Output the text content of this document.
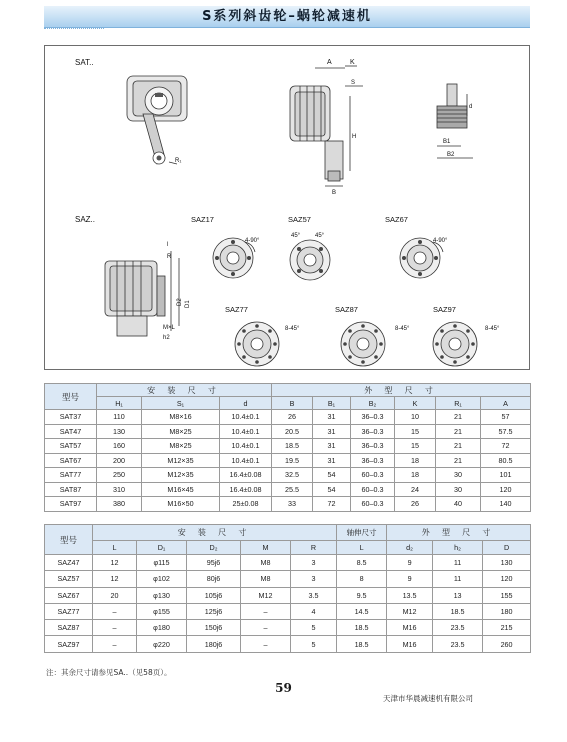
S系列斜齿轮–蜗轮减速机
SAT..
R₁
A	K
S
H
B
d
B1
B2
SAZ..	SAZ17	SAZ57	SAZ67
SAZ77	SAZ87	SAZ97
D2 D1
l
R
M×L
h2
4-90°
45° 45°
4-90°
8-45°	8-45°	8-45°
型号	安 装 尺 寸			外 型 尺 寸					
	H₁	S₁	d	B	B₁	B₂	K	R₁	A
SAT37	110	M8×16	10.4±0.1	26	31	36–0.3	10	21	57
SAT47	130	M8×25	10.4±0.1	20.5	31	36–0.3	15	21	57.5
SAT57	160	M8×25	10.4±0.1	18.5	31	36–0.3	15	21	72
SAT67	200	M12×35	10.4±0.1	19.5	31	36–0.3	18	21	80.5
SAT77	250	M12×35	16.4±0.08	32.5	54	60–0.3	18	30	101
SAT87	310	M16×45	16.4±0.08	25.5	54	60–0.3	24	30	120
SAT97	380	M16×50	25±0.08	33	72	60–0.3	26	40	140
型号	安 装 尺 寸					轴伸尺寸	外 型 尺 寸		
	L	D₁	D₂	M	R	L	d₂	h₂	D
SAZ47	12	φ115	95j6	M8	3	8.5	9	11	130
SAZ57	12	φ102	80j6	M8	3	8	9	11	120
SAZ67	20	φ130	105j6	M12	3.5	9.5	13.5	13	155
SAZ77	–	φ155	125j6	–	4	14.5	M12	18.5	180
SAZ87	–	φ180	150j6	–	5	18.5	M16	23.5	215
SAZ97	–	φ220	180j6	–	5	18.5	M16	23.5	260
注：其余尺寸请参见SA..（见58页）。
59
天津市华晨减速机有限公司
